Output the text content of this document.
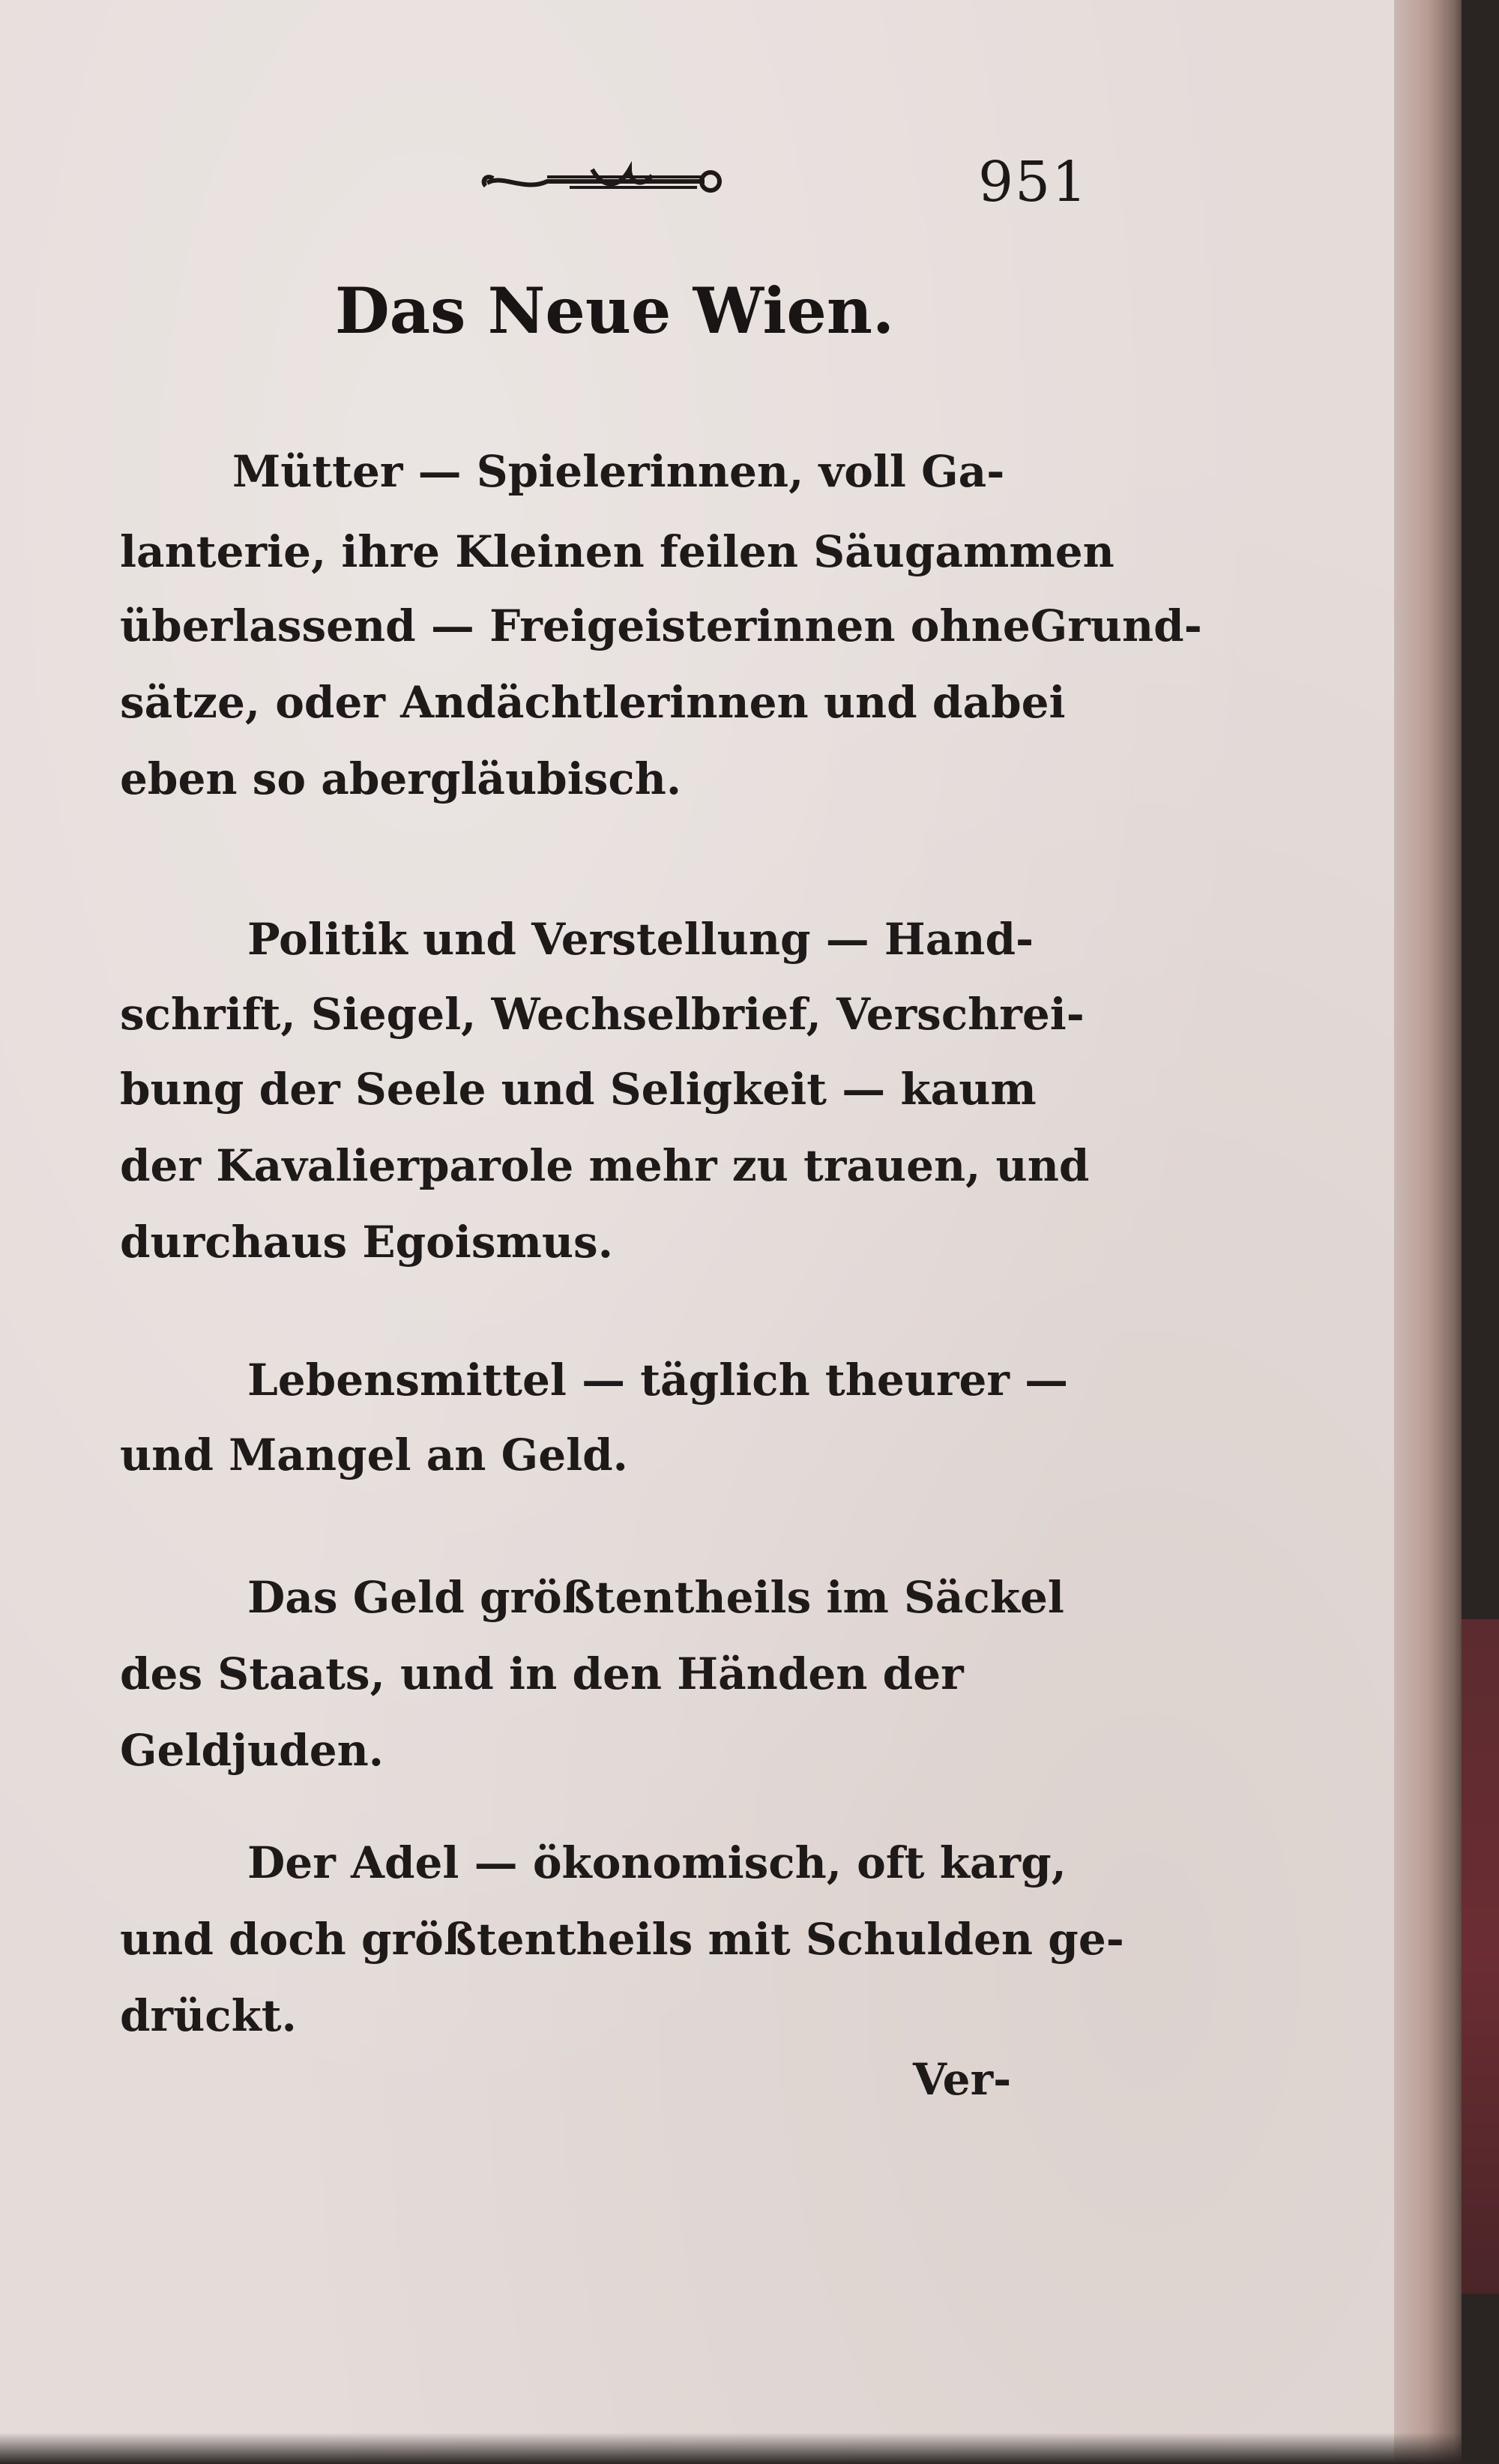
951
Das Neue Wien.
Mütter — Spielerinnen, voll Ga-
lanterie, ihre Kleinen feilen Säugammen
überlassend — Freigeisterinnen ohneGrund-
sätze, oder Andächtlerinnen und dabei
eben so abergläubisch.
Politik und Verstellung — Hand-
schrift, Siegel, Wechselbrief, Verschrei-
bung der Seele und Seligkeit — kaum
der Kavalierparole mehr zu trauen, und
durchaus Egoismus.
Lebensmittel — täglich theurer —
und Mangel an Geld.
Das Geld größtentheils im Säckel
des Staats, und in den Händen der
Geldjuden.
Der Adel — ökonomisch, oft karg,
und doch größtentheils mit Schulden ge-
drückt.
Ver-
